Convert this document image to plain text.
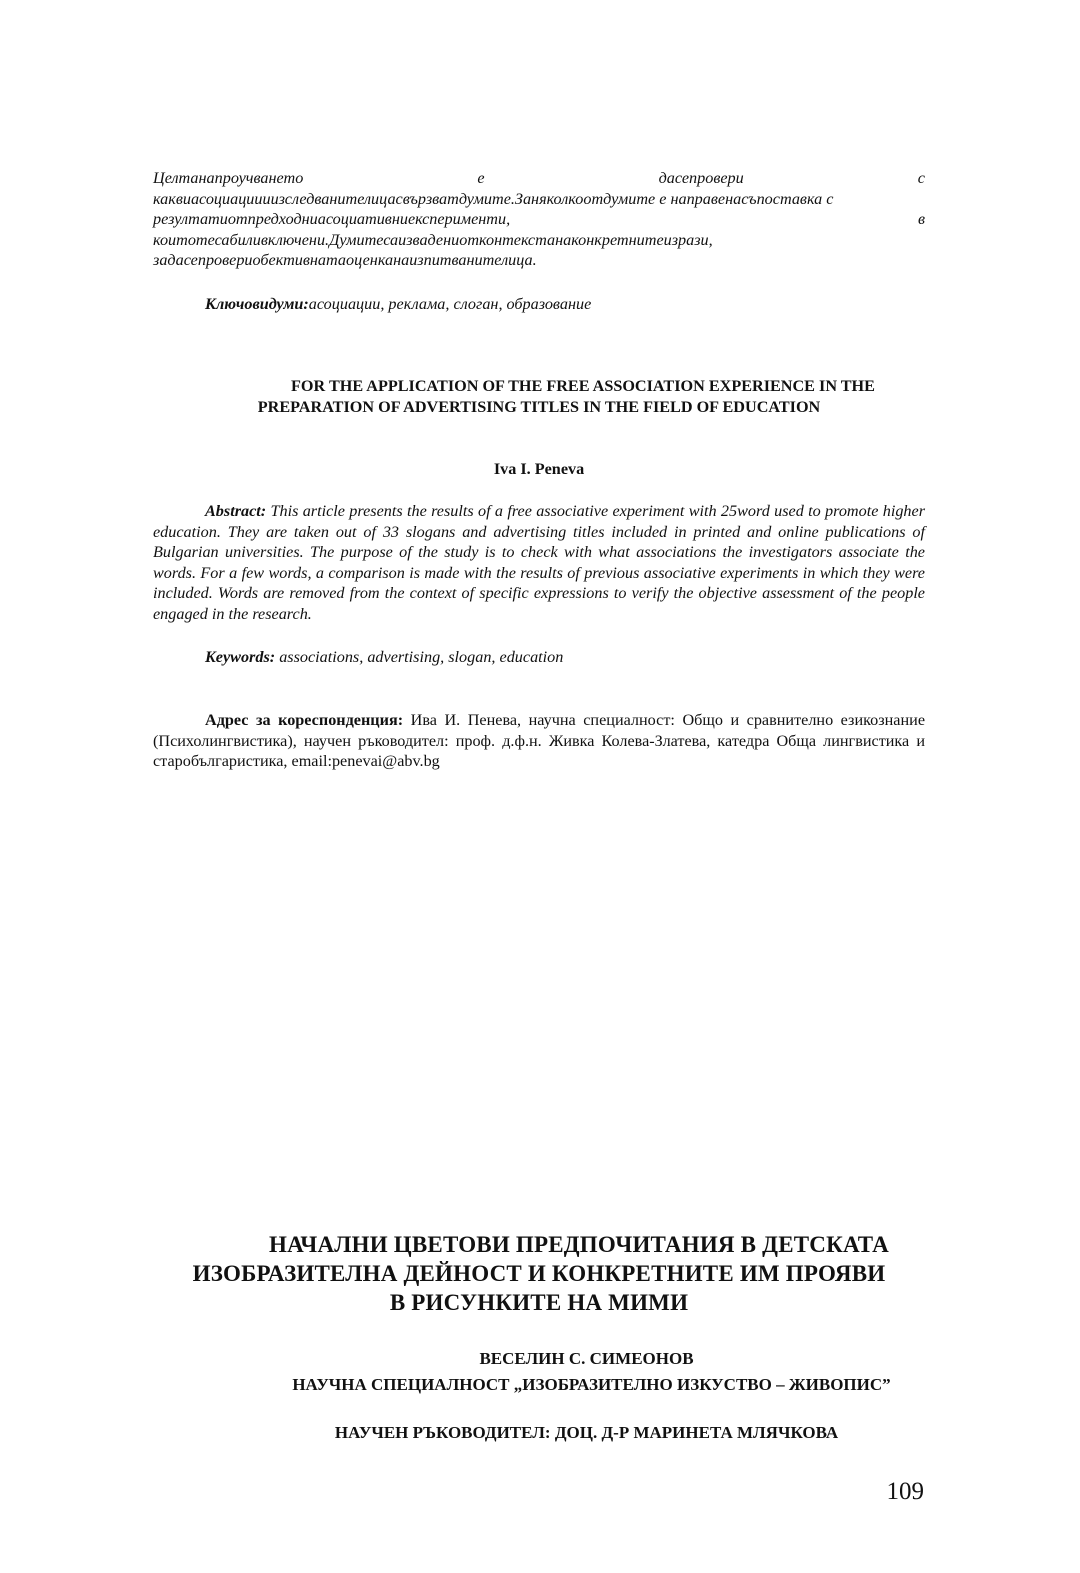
Целтанапроучването	е	дасепровери	с
каквиасоциациииизследванителицасвързватдумите.Заняколкоотдумите е направенасъпоставка с
резултатиотпредходниасоциативниексперименти,	в
коитотесабиливключени.Думитесаизвадениотконтекстанаконкретнитеизрази,
задасепровериобективнатаоценканаизпитванителица.
Ключовидуми:асоциации, реклама, слоган, образование
FOR THE APPLICATION OF THE FREE ASSOCIATION EXPERIENCE IN THE
PREPARATION OF ADVERTISING TITLES IN THE FIELD OF EDUCATION
Iva I. Peneva
Abstract: This article presents the results of a free associative experiment with 25word used to promote higher education. They are taken out of 33 slogans and advertising titles included in printed and online publications of Bulgarian universities. The purpose of the study is to check with what associations the investigators associate the words. For a few words, a comparison is made with the results of previous associative experiments in which they were included. Words are removed from the context of specific expressions to verify the objective assessment of the people engaged in the research.
Keywords: associations, advertising, slogan, education
Адрес за кореспонденция: Ива И. Пенева, научна специалност: Общо и сравнително езикознание (Психолингвистика), научен ръководител: проф. д.ф.н. Живка Колева-Златева, катедра Обща лингвистика и старобългаристика, email:penevai@abv.bg
НАЧАЛНИ ЦВЕТОВИ ПРЕДПОЧИТАНИЯ В ДЕТСКАТА
ИЗОБРАЗИТЕЛНА ДЕЙНОСТ И КОНКРЕТНИТЕ ИМ ПРОЯВИ
В РИСУНКИТЕ НА МИМИ
ВЕСЕЛИН С. СИМЕОНОВ
НАУЧНА СПЕЦИАЛНОСТ „ИЗОБРАЗИТЕЛНО ИЗКУСТВО – ЖИВОПИС”
НАУЧЕН РЪКОВОДИТЕЛ: ДОЦ. Д-Р МАРИНЕТА МЛЯЧКОВА
109
